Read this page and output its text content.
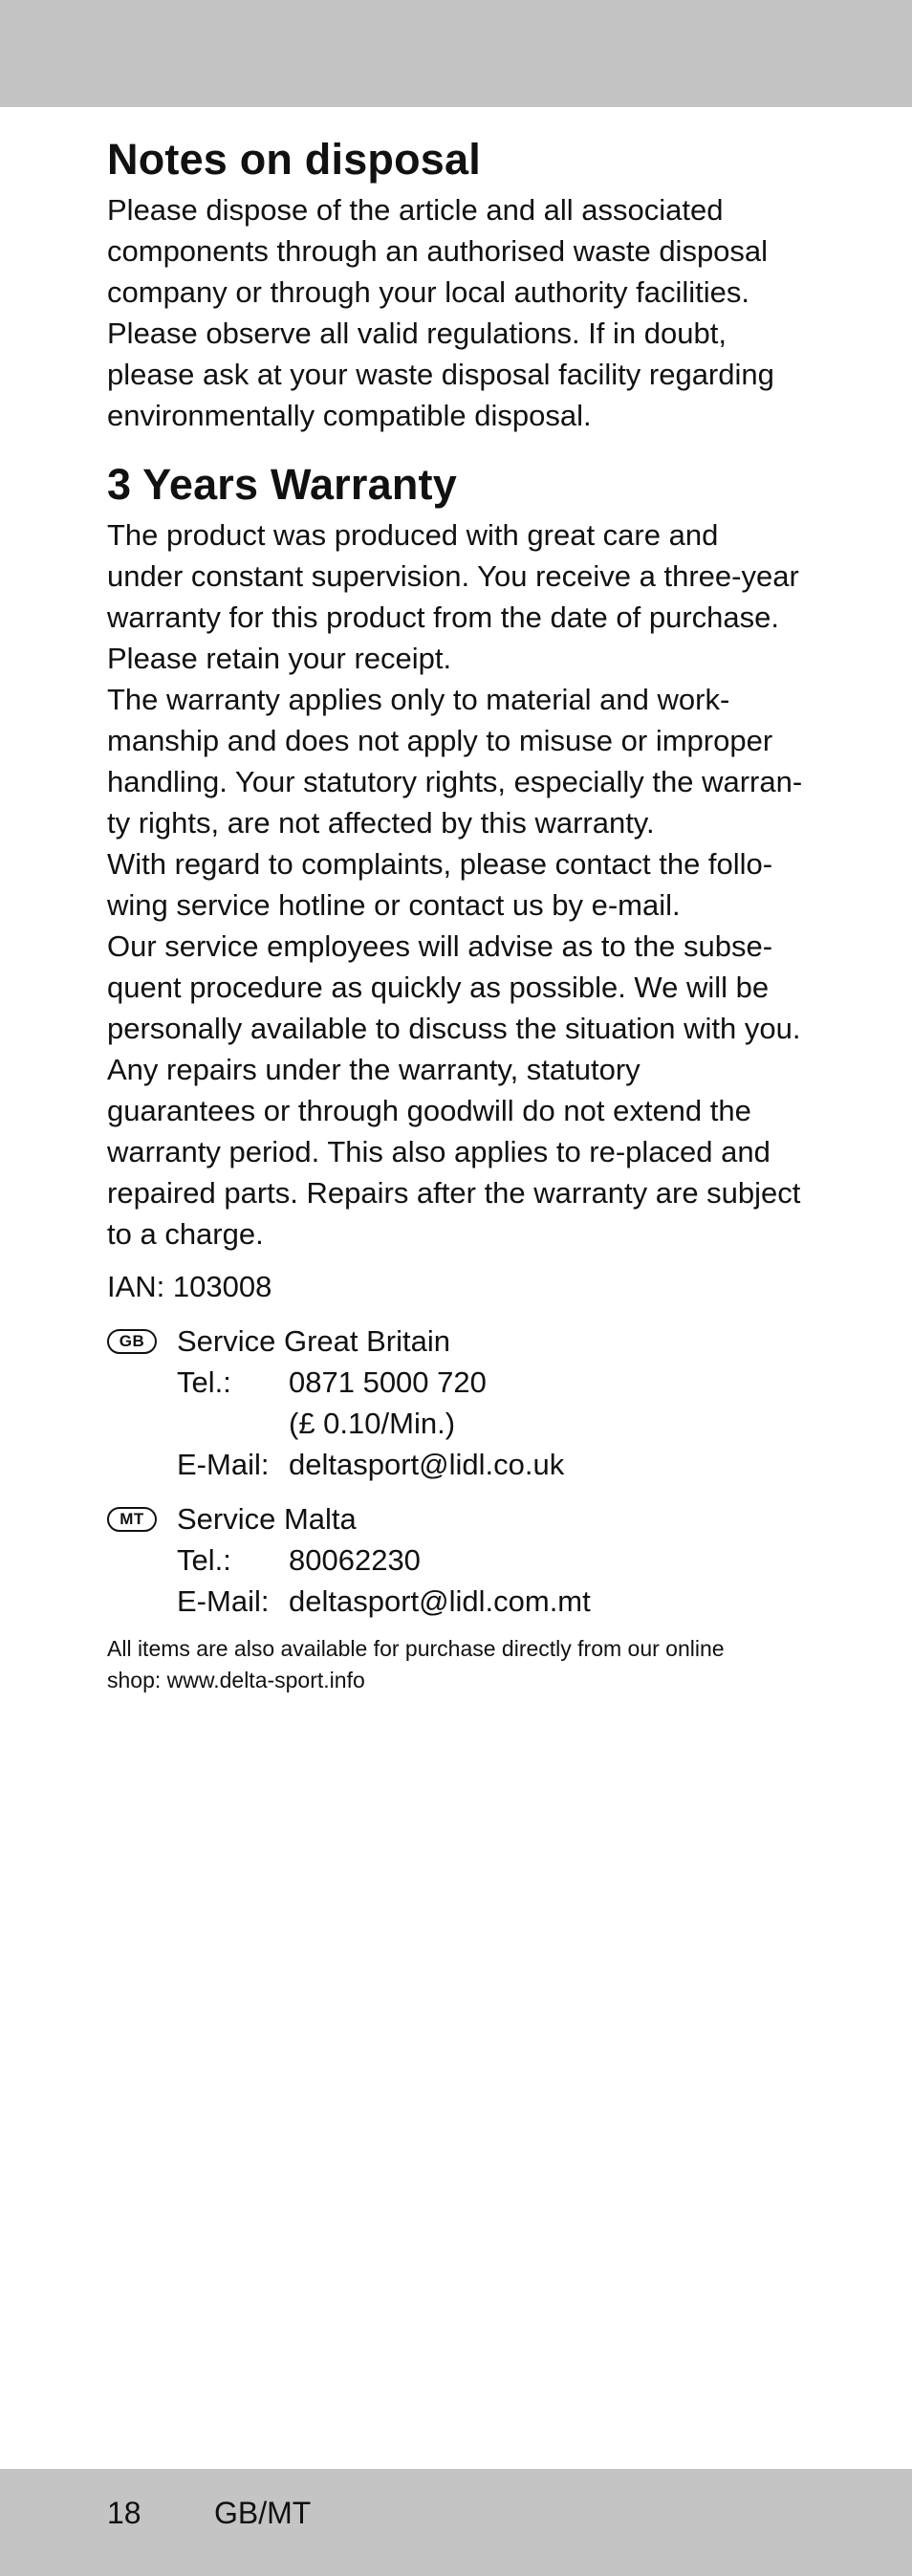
Notes on disposal

Please dispose of the article and all associated

components through an authorised waste disposal

company or through your local authority facilities.

Please observe all valid regulations. If in doubt,

please ask at your waste disposal facility regarding

environmentally compatible disposal.

3 Years Warranty

The product was produced with great care and

under constant supervision. You receive a three-year

warranty for this product from the date of purchase.

Please retain your receipt.

The warranty applies only to material and work-

manship and does not apply to misuse or improper

handling. Your statutory rights, especially the warran-

ty rights, are not affected by this warranty.

With regard to complaints, please contact the follo-

wing service hotline or contact us by e-mail.

Our service employees will advise as to the subse-

quent procedure as quickly as possible. We will be

personally available to discuss the situation with you.

Any repairs under the warranty, statutory

guarantees or through goodwill do not extend the

warranty period. This also applies to re-placed and

repaired parts. Repairs after the warranty are subject

to a charge.

IAN: 103008

GB	Service Great Britain
Tel.:	0871 5000 720
(£ 0.10/Min.)
E-Mail: deltasport@lidl.co.uk
MT	Service Malta
Tel.:	80062230
E-Mail: deltasport@lidl.com.mt
All items are also available for purchase directly from our online
shop: www.delta-sport.info
18 GB/MT
